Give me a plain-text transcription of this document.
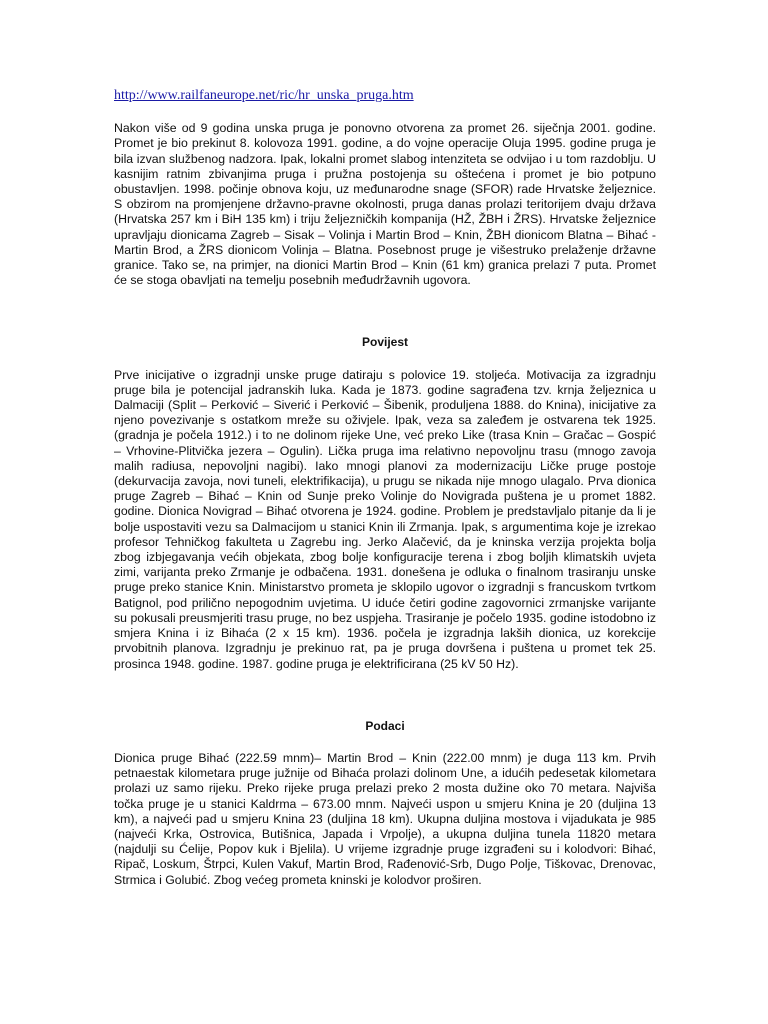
http://www.railfaneurope.net/ric/hr_unska_pruga.htm

Nakon više od 9 godina unska pruga je ponovno otvorena za promet 26. siječnja 2001. godine. Promet je bio prekinut 8. kolovoza 1991. godine, a do vojne operacije Oluja 1995. godine pruga je bila izvan službenog nadzora. Ipak, lokalni promet slabog intenziteta se odvijao i u tom razdoblju. U kasnijim ratnim zbivanjima pruga i pružna postojenja su oštećena i promet je bio potpuno obustavljen. 1998. počinje obnova koju, uz međunarodne snage (SFOR) rade Hrvatske željeznice. S obzirom na promjenjene državno-pravne okolnosti, pruga danas prolazi teritorijem dvaju država (Hrvatska 257 km i BiH 135 km) i triju željezničkih kompanija (HŽ, ŽBH i ŽRS). Hrvatske željeznice upravljaju dionicama Zagreb – Sisak – Volinja i Martin Brod – Knin, ŽBH dionicom Blatna – Bihać - Martin Brod, a ŽRS dionicom Volinja – Blatna. Posebnost pruge je višestruko prelaženje državne granice. Tako se, na primjer, na dionici Martin Brod – Knin (61 km) granica prelazi 7 puta. Promet će se stoga obavljati na temelju posebnih međudržavnih ugovora.

Povijest

Prve inicijative o izgradnji unske pruge datiraju s polovice 19. stoljeća. Motivacija za izgradnju pruge bila je potencijal jadranskih luka. Kada je 1873. godine sagrađena tzv. krnja željeznica u Dalmaciji (Split – Perković – Siverić i Perković – Šibenik, produljena 1888. do Knina), inicijative za njeno povezivanje s ostatkom mreže su oživjele. Ipak, veza sa zaleđem je ostvarena tek 1925. (gradnja je počela 1912.) i to ne dolinom rijeke Une, već preko Like (trasa Knin – Gračac – Gospić – Vrhovine-Plitvička jezera – Ogulin). Lička pruga ima relativno nepovoljnu trasu (mnogo zavoja malih radiusa, nepovoljni nagibi). Iako mnogi planovi za modernizaciju Ličke pruge postoje (dekurvacija zavoja, novi tuneli, elektrifikacija), u prugu se nikada nije mnogo ulagalo. Prva dionica pruge Zagreb – Bihać – Knin od Sunje preko Volinje do Novigrada puštena je u promet 1882. godine. Dionica Novigrad – Bihać otvorena je 1924. godine. Problem je predstavljalo pitanje da li je bolje uspostaviti vezu sa Dalmacijom u stanici Knin ili Zrmanja. Ipak, s argumentima koje je izrekao profesor Tehničkog fakulteta u Zagrebu ing. Jerko Alačević, da je kninska verzija projekta bolja zbog izbjegavanja većih objekata, zbog bolje konfiguracije terena i zbog boljih klimatskih uvjeta zimi, varijanta preko Zrmanje je odbačena. 1931. donešena je odluka o finalnom trasiranju unske pruge preko stanice Knin. Ministarstvo prometa je sklopilo ugovor o izgradnji s francuskom tvrtkom Batignol, pod prilično nepogodnim uvjetima. U idućе četiri godine zagovornici zrmanjske varijante su pokusali preusmjeriti trasu pruge, no bez uspjeha. Trasiranje je počelo 1935. godine istodobno iz smjera Knina i iz Bihaća (2 x 15 km). 1936. počela je izgradnja lakših dionica, uz korekcije prvobitnih planova. Izgradnju je prekinuo rat, pa je pruga dovršena i puštena u promet tek 25. prosinca 1948. godine. 1987. godine pruga je elektrificirana (25 kV 50 Hz).

Podaci

Dionica pruge Bihać (222.59 mnm)– Martin Brod – Knin (222.00 mnm) je duga 113 km. Prvih petnaestak kilometara pruge južnije od Bihaća prolazi dolinom Une, a idućih pedesetak kilometara prolazi uz samo rijeku. Preko rijeke pruga prelazi preko 2 mosta dužine oko 70 metara. Najviša točka pruge je u stanici Kaldrma – 673.00 mnm. Najveći uspon u smjeru Knina je 20 (duljina 13 km), a najveći pad u smjeru Knina 23 (duljina 18 km). Ukupna duljina mostova i vijadukata je 985 (najveći Krka, Ostrovica, Butišnica, Japada i Vrpolje), a ukupna duljina tunela 11820 metara (najdulji su Ćelije, Popov kuk i Bjelila). U vrijeme izgradnje pruge izgrađeni su i kolodvori: Bihać, Ripač, Loskum, Štrpci, Kulen Vakuf, Martin Brod, Rađenović-Srb, Dugo Polje, Tiškovac, Drenovac, Strmica i Golubić. Zbog većeg prometa kninski je kolodvor proširen.
